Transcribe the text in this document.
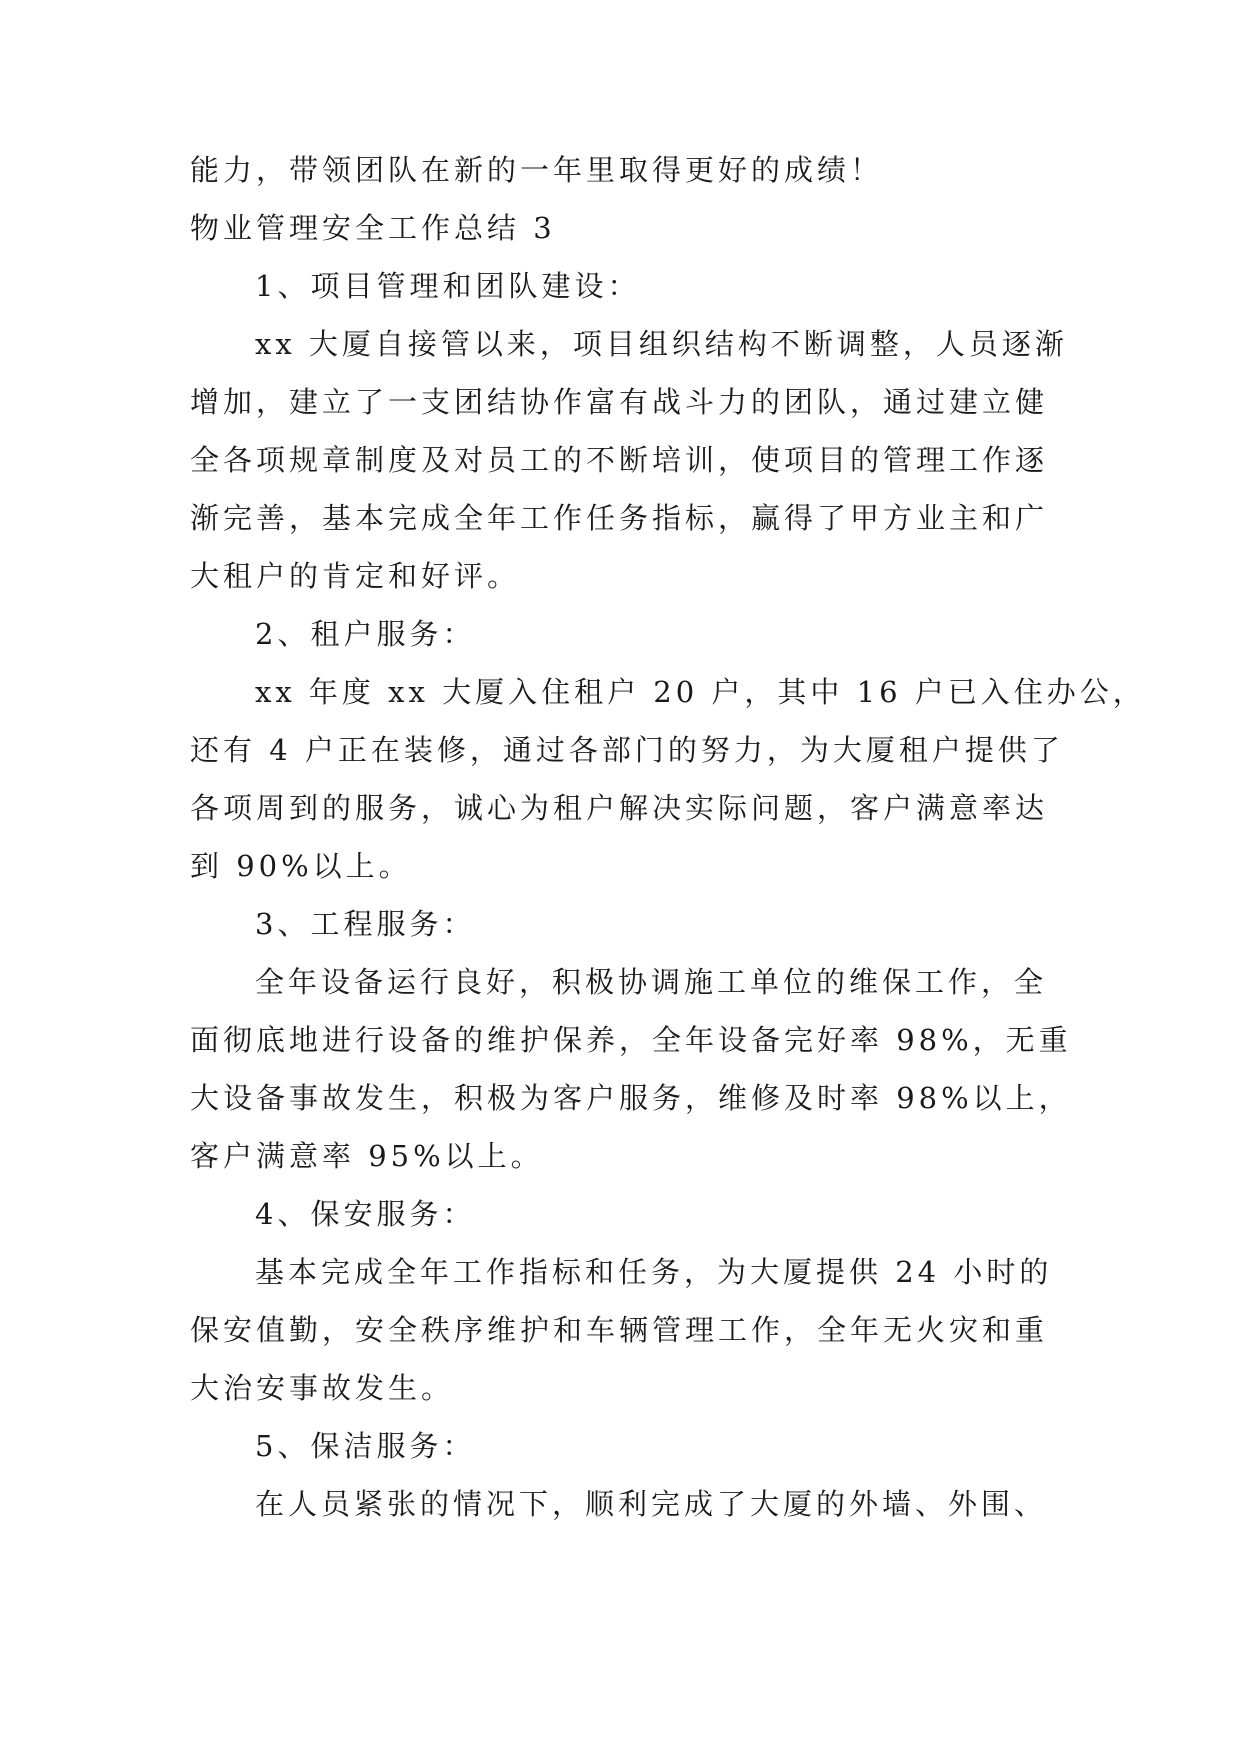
能力，带领团队在新的一年里取得更好的成绩！
物业管理安全工作总结 3
1、项目管理和团队建设：
xx 大厦自接管以来，项目组织结构不断调整，人员逐渐
增加，建立了一支团结协作富有战斗力的团队，通过建立健
全各项规章制度及对员工的不断培训，使项目的管理工作逐
渐完善，基本完成全年工作任务指标，赢得了甲方业主和广
大租户的肯定和好评。
2、租户服务：
xx 年度 xx 大厦入住租户 20 户，其中 16 户已入住办公，
还有 4 户正在装修，通过各部门的努力，为大厦租户提供了
各项周到的服务，诚心为租户解决实际问题，客户满意率达
到 90%以上。
3、工程服务：
全年设备运行良好，积极协调施工单位的维保工作，全
面彻底地进行设备的维护保养，全年设备完好率 98%，无重
大设备事故发生，积极为客户服务，维修及时率 98%以上，
客户满意率 95%以上。
4、保安服务：
基本完成全年工作指标和任务，为大厦提供 24 小时的
保安值勤，安全秩序维护和车辆管理工作，全年无火灾和重
大治安事故发生。
5、保洁服务：
在人员紧张的情况下，顺利完成了大厦的外墙、外围、
